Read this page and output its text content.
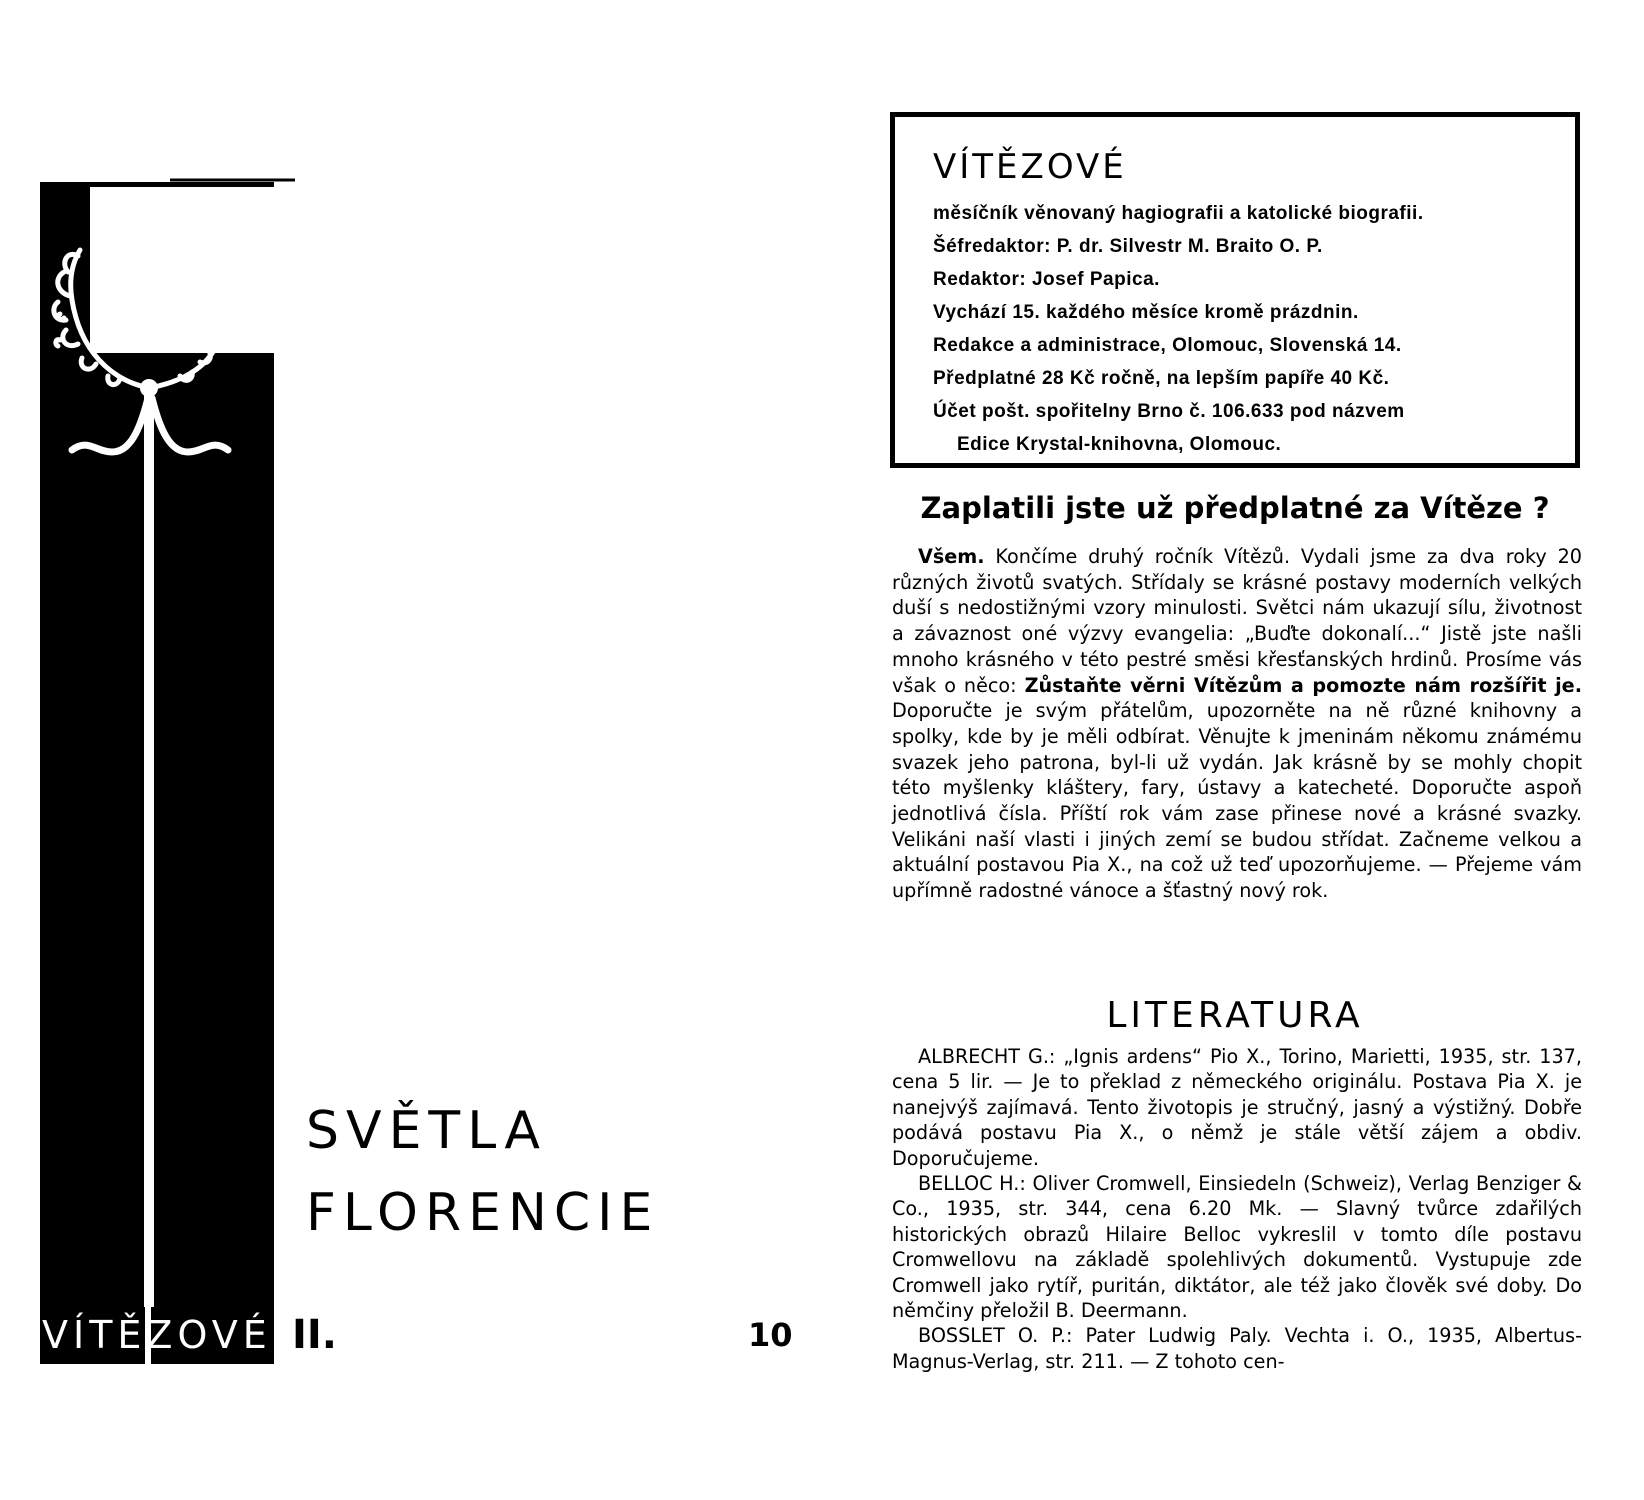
VÍTĚZOVÉ II.
SVĚTLA
FLORENCIE
10
VÍTĚZOVÉ
měsíčník věnovaný hagiografii a katolické biografii.
Šéfredaktor: P. dr. Silvestr M. Braito O. P.
Redaktor: Josef Papica.
Vychází 15. každého měsíce kromě prázdnin.
Redakce a administrace, Olomouc, Slovenská 14.
Předplatné 28 Kč ročně, na lepším papíře 40 Kč.
Účet pošt. spořitelny Brno č. 106.633 pod názvem
Edice Krystal-knihovna, Olomouc.
Zaplatili jste už předplatné za Vítěze ?
Všem. Končíme druhý ročník Vítězů. Vydali jsme za dva roky 20 různých životů svatých. Střídaly se krásné postavy moderních velkých duší s nedostižnými vzory minulosti. Světci nám ukazují sílu, životnost a závaznost oné výzvy evangelia: „Buďte dokonalí...“ Jistě jste našli mnoho krásného v této pestré směsi křesťanských hrdinů. Prosíme vás však o něco: Zůstaňte věrni Vítězům a pomozte nám rozšířit je. Doporučte je svým přátelům, upozorněte na ně různé knihovny a spolky, kde by je měli odbírat. Věnujte k jmeninám někomu známému svazek jeho patrona, byl-li už vydán. Jak krásně by se mohly chopit této myšlenky kláštery, fary, ústavy a katecheté. Doporučte aspoň jednotlivá čísla. Příští rok vám zase přinese nové a krásné svazky. Velikáni naší vlasti i jiných zemí se budou střídat. Začneme velkou a aktuální postavou Pia X., na což už teď upozorňujeme. — Přejeme vám upřímně radostné vánoce a šťastný nový rok.
LITERATURA
ALBRECHT G.: „Ignis ardens“ Pio X., Torino, Marietti, 1935, str. 137, cena 5 lir. — Je to překlad z německého originálu. Postava Pia X. je nanejvýš zajímavá. Tento životopis je stručný, jasný a výstižný. Dobře podává postavu Pia X., o němž je stále větší zájem a obdiv. Doporučujeme.
BELLOC H.: Oliver Cromwell, Einsiedeln (Schweiz), Verlag Benziger & Co., 1935, str. 344, cena 6.20 Mk. — Slavný tvůrce zdařilých historických obrazů Hilaire Belloc vykreslil v tomto díle postavu Cromwellovu na základě spolehlivých dokumentů. Vystupuje zde Cromwell jako rytíř, puritán, diktátor, ale též jako člověk své doby. Do němčiny přeložil B. Deermann.
BOSSLET O. P.: Pater Ludwig Paly. Vechta i. O., 1935, Albertus-Magnus-Verlag, str. 211. — Z tohoto cen-
